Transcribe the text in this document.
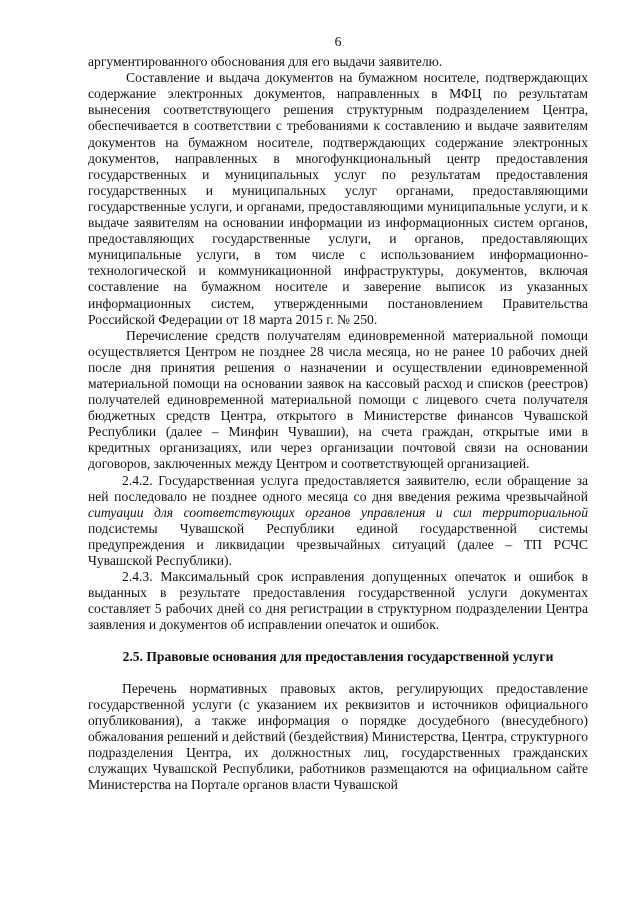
6

аргументированного обоснования для его выдачи заявителю.

Составление и выдача документов на бумажном носителе, подтверждающих содержание электронных документов, направленных в МФЦ по результатам вынесения соответствующего решения структурным подразделением Центра, обеспечивается в соответствии с требованиями к составлению и выдаче заявителям документов на бумажном носителе, подтверждающих содержание электронных документов, направленных в многофункциональный центр предоставления государственных и муниципальных услуг по результатам предоставления государственных и муниципальных услуг органами, предоставляющими государственные услуги, и органами, предоставляющими муниципальные услуги, и к выдаче заявителям на основании информации из информационных систем органов, предоставляющих государственные услуги, и органов, предоставляющих муниципальные услуги, в том числе с использованием информационно-технологической и коммуникационной инфраструктуры, документов, включая составление на бумажном носителе и заверение выписок из указанных информационных систем, утвержденными постановлением Правительства Российской Федерации от 18 марта 2015 г. № 250.

Перечисление средств получателям единовременной материальной помощи осуществляется Центром не позднее 28 числа месяца, но не ранее 10 рабочих дней после дня принятия решения о назначении и осуществлении единовременной материальной помощи на основании заявок на кассовый расход и списков (реестров) получателей единовременной материальной помощи с лицевого счета получателя бюджетных средств Центра, открытого в Министерстве финансов Чувашской Республики (далее – Минфин Чувашии), на счета граждан, открытые ими в кредитных организациях, или через организации почтовой связи на основании договоров, заключенных между Центром и соответствующей организацией.

2.4.2. Государственная услуга предоставляется заявителю, если обращение за ней последовало не позднее одного месяца со дня введения режима чрезвычайной ситуации для соответствующих органов управления и сил территориальной подсистемы Чувашской Республики единой государственной системы предупреждения и ликвидации чрезвычайных ситуаций (далее – ТП РСЧС Чувашской Республики).

2.4.3. Максимальный срок исправления допущенных опечаток и ошибок в выданных в результате предоставления государственной услуги документах составляет 5 рабочих дней со дня регистрации в структурном подразделении Центра заявления и документов об исправлении опечаток и ошибок.

2.5. Правовые основания для предоставления государственной услуги

Перечень нормативных правовых актов, регулирующих предоставление государственной услуги (с указанием их реквизитов и источников официального опубликования), а также информация о порядке досудебного (внесудебного) обжалования решений и действий (бездействия) Министерства, Центра, структурного подразделения Центра, их должностных лиц, государственных гражданских служащих Чувашской Республики, работников размещаются на официальном сайте Министерства на Портале органов власти Чувашской
